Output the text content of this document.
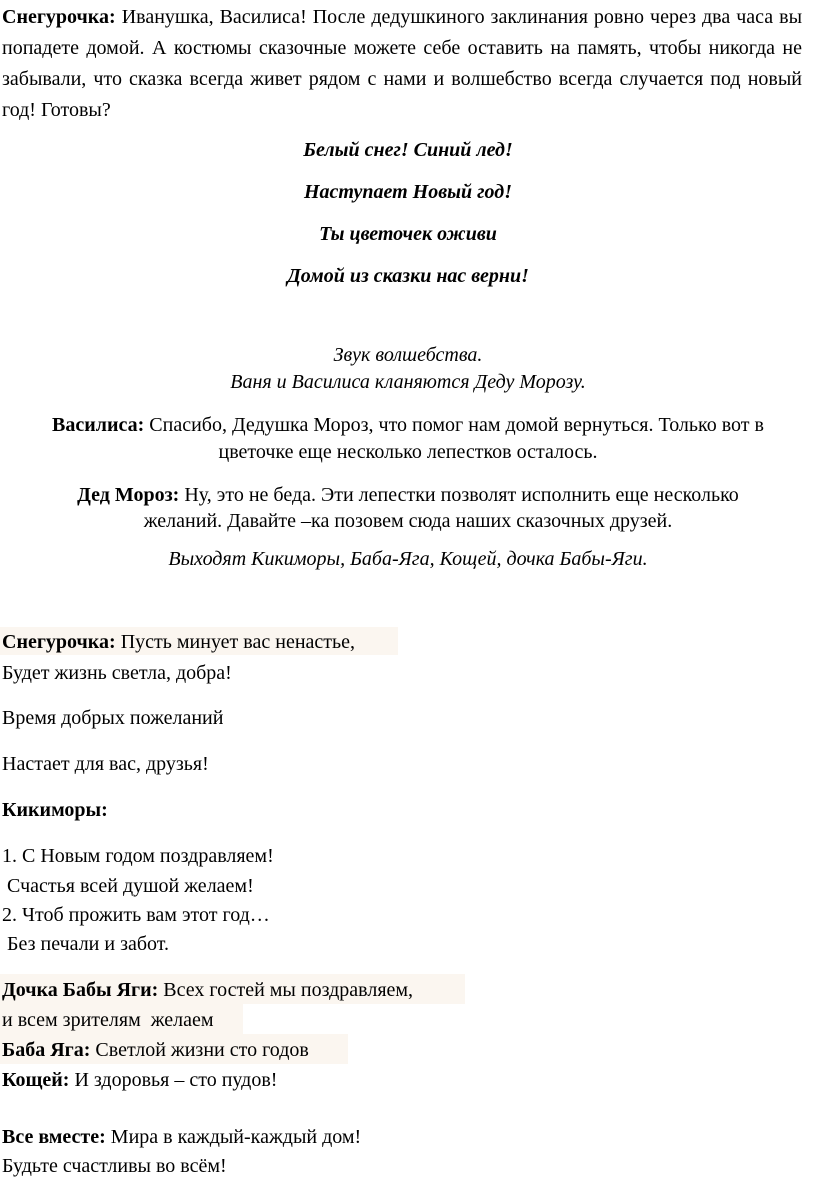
Снегурочка: Иванушка, Василиса! После дедушкиного заклинания ровно через два часа вы попадете домой. А костюмы сказочные можете себе оставить на память, чтобы никогда не забывали, что сказка всегда живет рядом с нами и волшебство всегда случается под новый год! Готовы?

Белый снег! Синий лед!

Наступает Новый год!

Ты цветочек оживи

Домой из сказки нас верни!

Звук волшебства.

Ваня и Василиса кланяются Деду Морозу.

Василиса: Спасибо, Дедушка Мороз, что помог нам домой вернуться. Только вот в

цветочке еще несколько лепестков осталось.

Дед Мороз: Ну, это не беда. Эти лепестки позволят исполнить еще несколько

желаний. Давайте –ка позовем сюда наших сказочных друзей.

Выходят Кикиморы, Баба-Яга, Кощей, дочка Бабы-Яги.

Снегурочка: Пусть минует вас ненастье,

Будет жизнь светла, добра!

Время добрых пожеланий

Настает для вас, друзья!

Кикиморы:

1. С Новым годом поздравляем!

Счастья всей душой желаем!

2. Чтоб прожить вам этот год…

Без печали и забот.

Дочка Бабы Яги: Всех гостей мы поздравляем,

и всем зрителям  желаем

Баба Яга: Светлой жизни сто годов

Кощей: И здоровья – сто пудов!

Все вместе: Мира в каждый-каждый дом!

Будьте счастливы во всём!
